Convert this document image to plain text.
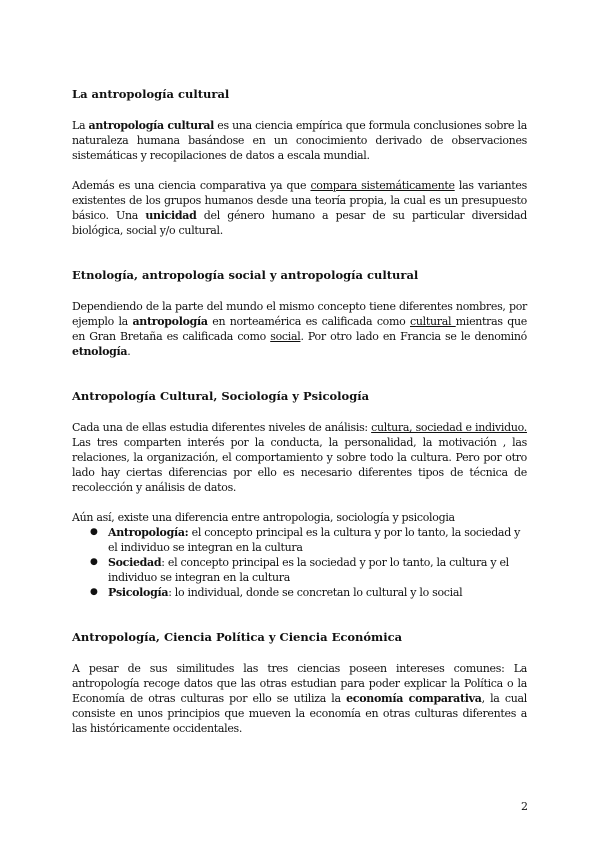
La antropología cultural

La antropología cultural es una ciencia empírica que formula conclusiones sobre la naturaleza humana basándose en un conocimiento derivado de observaciones sistemáticas y recopilaciones de datos a escala mundial.

Además es una ciencia comparativa ya que compara sistemáticamente las variantes existentes de los grupos humanos desde una teoría propia, la cual es un presupuesto básico. Una unicidad del género humano a pesar de su particular diversidad biológica, social y/o cultural.

Etnología, antropología social y antropología cultural

Dependiendo de la parte del mundo el mismo concepto tiene diferentes nombres, por ejemplo la antropología en norteamérica es calificada como cultural mientras que en Gran Bretaña es calificada como social. Por otro lado en Francia se le denominó etnología.

Antropología Cultural, Sociología y Psicología

Cada una de ellas estudia diferentes niveles de análisis: cultura, sociedad e individuo. Las tres comparten interés por la conducta, la personalidad, la motivación , las relaciones, la organización, el comportamiento y sobre todo la cultura. Pero por otro lado hay ciertas diferencias por ello es necesario diferentes tipos de técnica de recolección y análisis de datos.

Aún así, existe una diferencia entre antropologia, sociología y psicologia

● Antropología: el concepto principal es la cultura y por lo tanto, la sociedad y el individuo se integran en la cultura
● Sociedad: el concepto principal es la sociedad y por lo tanto, la cultura y el individuo se integran en la cultura
● Psicología: lo individual, donde se concretan lo cultural y lo social
Antropología, Ciencia Política y Ciencia Económica

A pesar de sus similitudes las tres ciencias poseen intereses comunes: La antropología recoge datos que las otras estudian para poder explicar la Política o la Economía de otras culturas por ello se utiliza la economía comparativa, la cual consiste en unos principios que mueven la economía en otras culturas diferentes a las históricamente occidentales.

2
